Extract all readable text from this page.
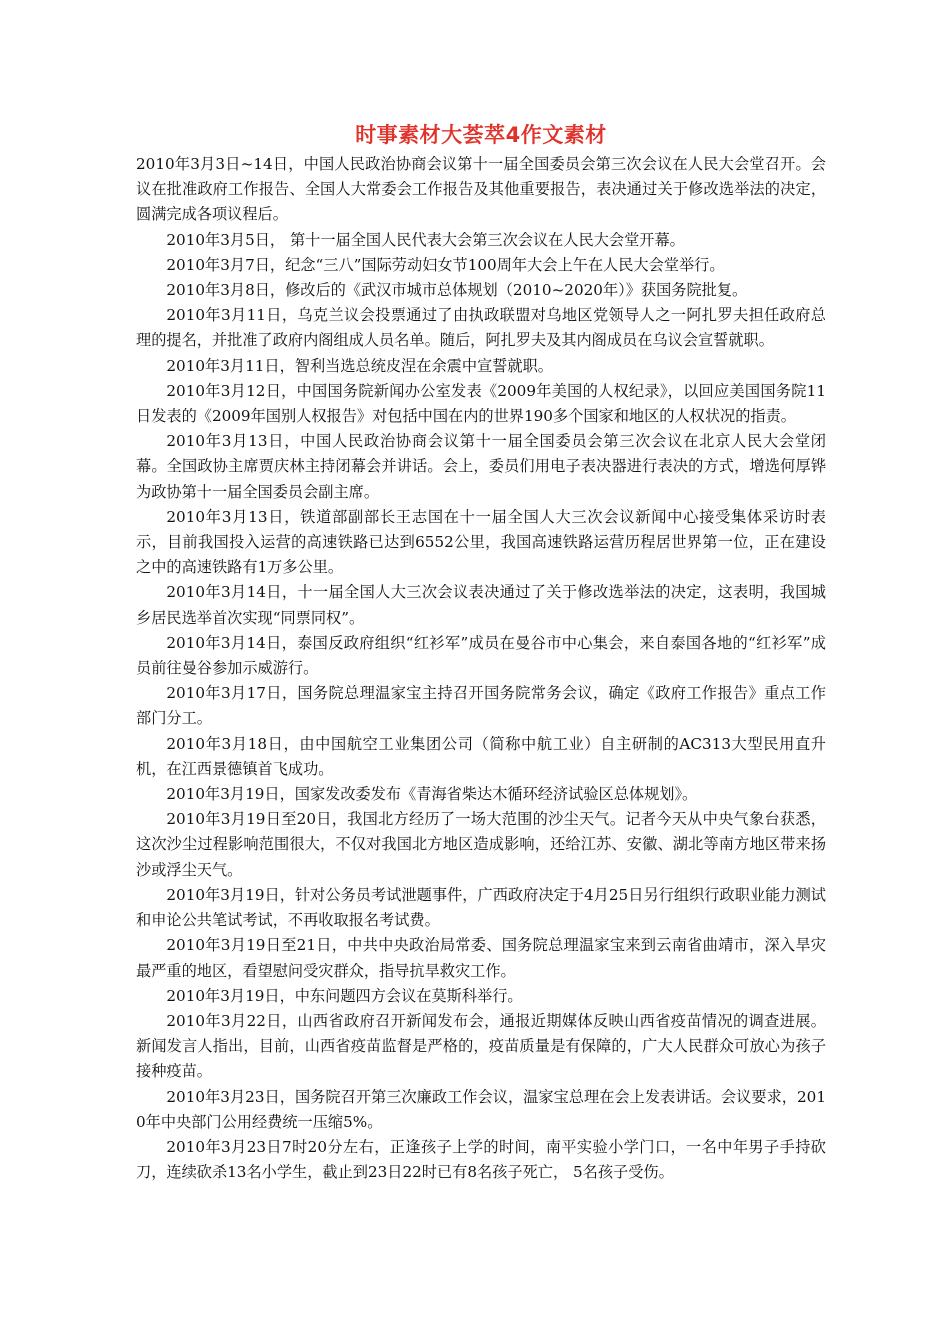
时事素材大荟萃4作文素材

2010年3月3日~14日，中国人民政治协商会议第十一届全国委员会第三次会议在人民大会堂召开。会议在批准政府工作报告、全国人大常委会工作报告及其他重要报告，表决通过关于修改选举法的决定，圆满完成各项议程后。

2010年3月5日， 第十一届全国人民代表大会第三次会议在人民大会堂开幕。

2010年3月7日，纪念“三八”国际劳动妇女节100周年大会上午在人民大会堂举行。

2010年3月8日，修改后的《武汉市城市总体规划（2010~2020年）》获国务院批复。

2010年3月11日，乌克兰议会投票通过了由执政联盟对乌地区党领导人之一阿扎罗夫担任政府总理的提名，并批准了政府内阁组成人员名单。随后，阿扎罗夫及其内阁成员在乌议会宣誓就职。

2010年3月11日，智利当选总统皮涅在余震中宣誓就职。

2010年3月12日，中国国务院新闻办公室发表《2009年美国的人权纪录》，以回应美国国务院11日发表的《2009年国别人权报告》对包括中国在内的世界190多个国家和地区的人权状况的指责。

2010年3月13日，中国人民政治协商会议第十一届全国委员会第三次会议在北京人民大会堂闭幕。全国政协主席贾庆林主持闭幕会并讲话。会上，委员们用电子表决器进行表决的方式，增选何厚铧为政协第十一届全国委员会副主席。

2010年3月13日，铁道部副部长王志国在十一届全国人大三次会议新闻中心接受集体采访时表示，目前我国投入运营的高速铁路已达到6552公里，我国高速铁路运营历程居世界第一位，正在建设之中的高速铁路有1万多公里。

2010年3月14日，十一届全国人大三次会议表决通过了关于修改选举法的决定，这表明，我国城乡居民选举首次实现“同票同权”。

2010年3月14日，泰国反政府组织“红衫军”成员在曼谷市中心集会，来自泰国各地的“红衫军”成员前往曼谷参加示威游行。

2010年3月17日，国务院总理温家宝主持召开国务院常务会议，确定《政府工作报告》重点工作部门分工。

2010年3月18日，由中国航空工业集团公司（简称中航工业）自主研制的AC313大型民用直升机，在江西景德镇首飞成功。

2010年3月19日，国家发改委发布《青海省柴达木循环经济试验区总体规划》。

2010年3月19日至20日，我国北方经历了一场大范围的沙尘天气。记者今天从中央气象台获悉，这次沙尘过程影响范围很大，不仅对我国北方地区造成影响，还给江苏、安徽、湖北等南方地区带来扬沙或浮尘天气。

2010年3月19日，针对公务员考试泄题事件，广西政府决定于4月25日另行组织行政职业能力测试和申论公共笔试考试，不再收取报名考试费。

2010年3月19日至21日，中共中央政治局常委、国务院总理温家宝来到云南省曲靖市，深入旱灾最严重的地区，看望慰问受灾群众，指导抗旱救灾工作。

2010年3月19日，中东问题四方会议在莫斯科举行。

2010年3月22日，山西省政府召开新闻发布会，通报近期媒体反映山西省疫苗情况的调查进展。新闻发言人指出，目前，山西省疫苗监督是严格的，疫苗质量是有保障的，广大人民群众可放心为孩子接种疫苗。

2010年3月23日，国务院召开第三次廉政工作会议，温家宝总理在会上发表讲话。会议要求，2010年中央部门公用经费统一压缩5%。

2010年3月23日7时20分左右，正逢孩子上学的时间，南平实验小学门口，一名中年男子手持砍刀，连续砍杀13名小学生，截止到23日22时已有8名孩子死亡， 5名孩子受伤。
